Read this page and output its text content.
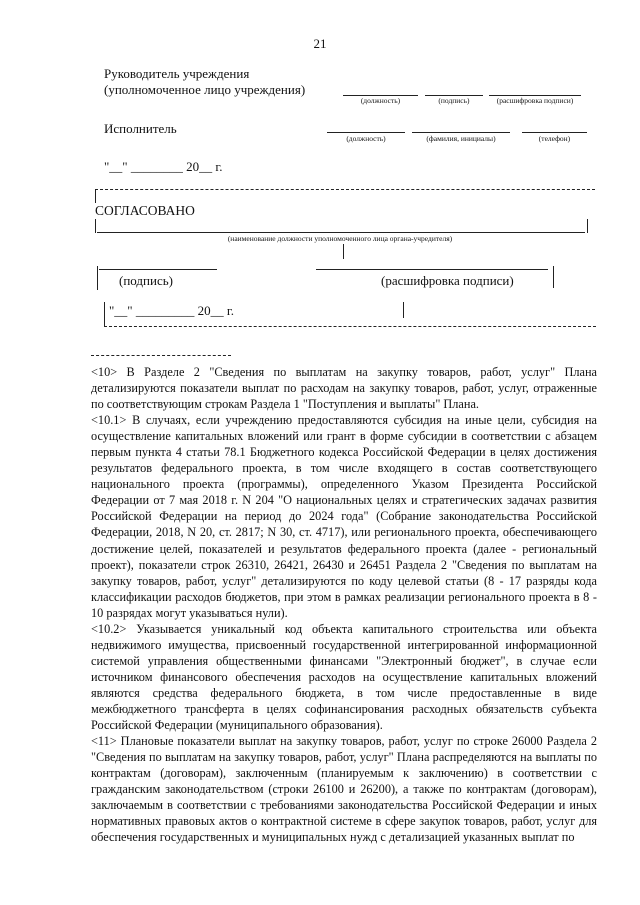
21
Руководитель учреждения
(уполномоченное лицо учреждения)
(должность)	(подпись)	(расшифровка подписи)
Исполнитель
(должность)	(фамилия, инициалы)	(телефон)
"__" ________ 20__ г.
СОГЛАСОВАНО
(наименование должности уполномоченного лица органа-учредителя)
(подпись)	(расшифровка подписи)
"__" _________ 20__ г.

<10> В Разделе 2 "Сведения по выплатам на закупку товаров, работ, услуг" Плана детализируются показатели выплат по расходам на закупку товаров, работ, услуг, отраженные по соответствующим строкам Раздела 1 "Поступления и выплаты" Плана.

<10.1> В случаях, если учреждению предоставляются субсидия на иные цели, субсидия на осуществление капитальных вложений или грант в форме субсидии в соответствии с абзацем первым пункта 4 статьи 78.1 Бюджетного кодекса Российской Федерации в целях достижения результатов федерального проекта, в том числе входящего в состав соответствующего национального проекта (программы), определенного Указом Президента Российской Федерации от 7 мая 2018 г. N 204 "О национальных целях и стратегических задачах развития Российской Федерации на период до 2024 года" (Собрание законодательства Российской Федерации, 2018, N 20, ст. 2817; N 30, ст. 4717), или регионального проекта, обеспечивающего достижение целей, показателей и результатов федерального проекта (далее - региональный проект), показатели строк 26310, 26421, 26430 и 26451 Раздела 2 "Сведения по выплатам на закупку товаров, работ, услуг" детализируются по коду целевой статьи (8 - 17 разряды кода классификации расходов бюджетов, при этом в рамках реализации регионального проекта в 8 - 10 разрядах могут указываться нули).

<10.2> Указывается уникальный код объекта капитального строительства или объекта недвижимого имущества, присвоенный государственной интегрированной информационной системой управления общественными финансами "Электронный бюджет", в случае если источником финансового обеспечения расходов на осуществление капитальных вложений являются средства федерального бюджета, в том числе предоставленные в виде межбюджетного трансферта в целях софинансирования расходных обязательств субъекта Российской Федерации (муниципального образования).

<11> Плановые показатели выплат на закупку товаров, работ, услуг по строке 26000 Раздела 2 "Сведения по выплатам на закупку товаров, работ, услуг" Плана распределяются на выплаты по контрактам (договорам), заключенным (планируемым к заключению) в соответствии с гражданским законодательством (строки 26100 и 26200), а также по контрактам (договорам), заключаемым в соответствии с требованиями законодательства Российской Федерации и иных нормативных правовых актов о контрактной системе в сфере закупок товаров, работ, услуг для обеспечения государственных и муниципальных нужд с детализацией указанных выплат по
